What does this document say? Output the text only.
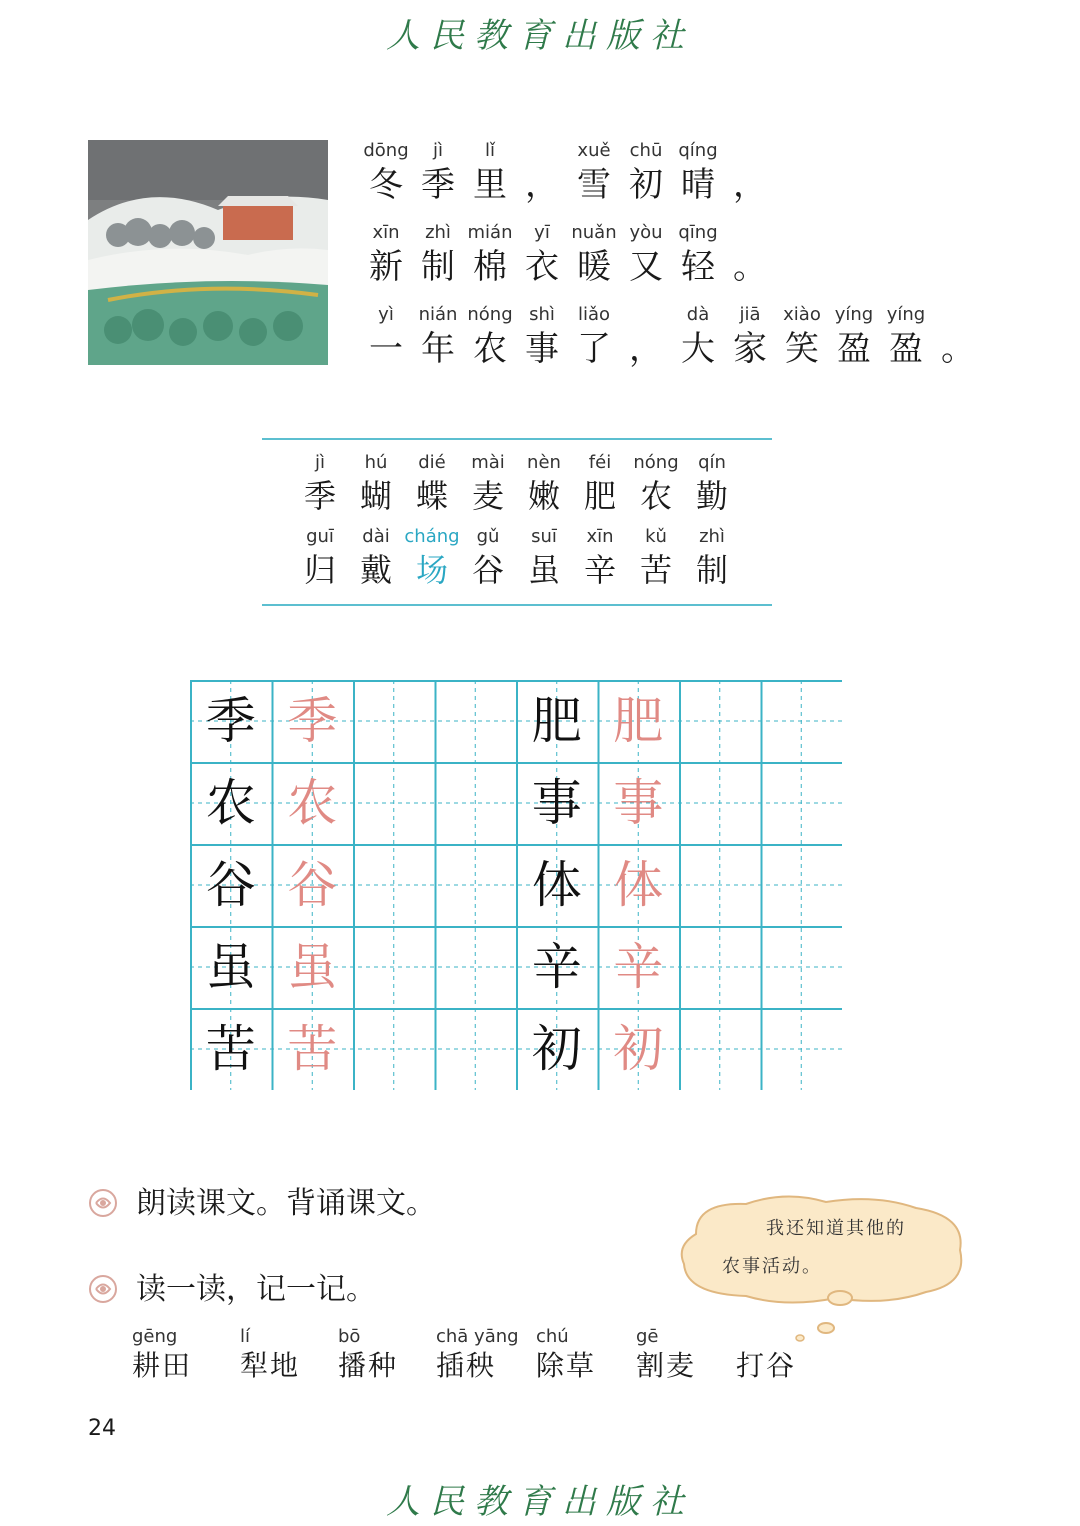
人民教育出版社
dōng
冬
jì
季
lǐ
里 ，
xuě
雪
chū
初
qíng
晴 ，
xīn
新
zhì
制
mián
棉
yī
衣
nuǎn
暖
yòu
又
qīng
轻 。
yì
一
nián
年
nóng
农
shì
事
liǎo
了 ，
dà
大
jiā
家
xiào
笑
yíng
盈
yíng
盈 。
jì
季
hú
蝴
dié
蝶
mài
麦
nèn
嫩
féi
肥
nóng
农
qín
勤
guī
归
dài
戴
cháng
场
gǔ
谷
suī
虽
xīn
辛
kǔ
苦
zhì
制
季 季
农 农
谷 谷
虽 虽
苦 苦
肥 肥
事 事
体 体
辛 辛
初 初
朗读课文。背诵课文。
读一读，记一记。
我还知道其他的
农事活动。
gēng
耕田
lí
犁地
bō
播种
chā yāng
插秧
chú
除草
gē
割麦 打谷
24
人民教育出版社
